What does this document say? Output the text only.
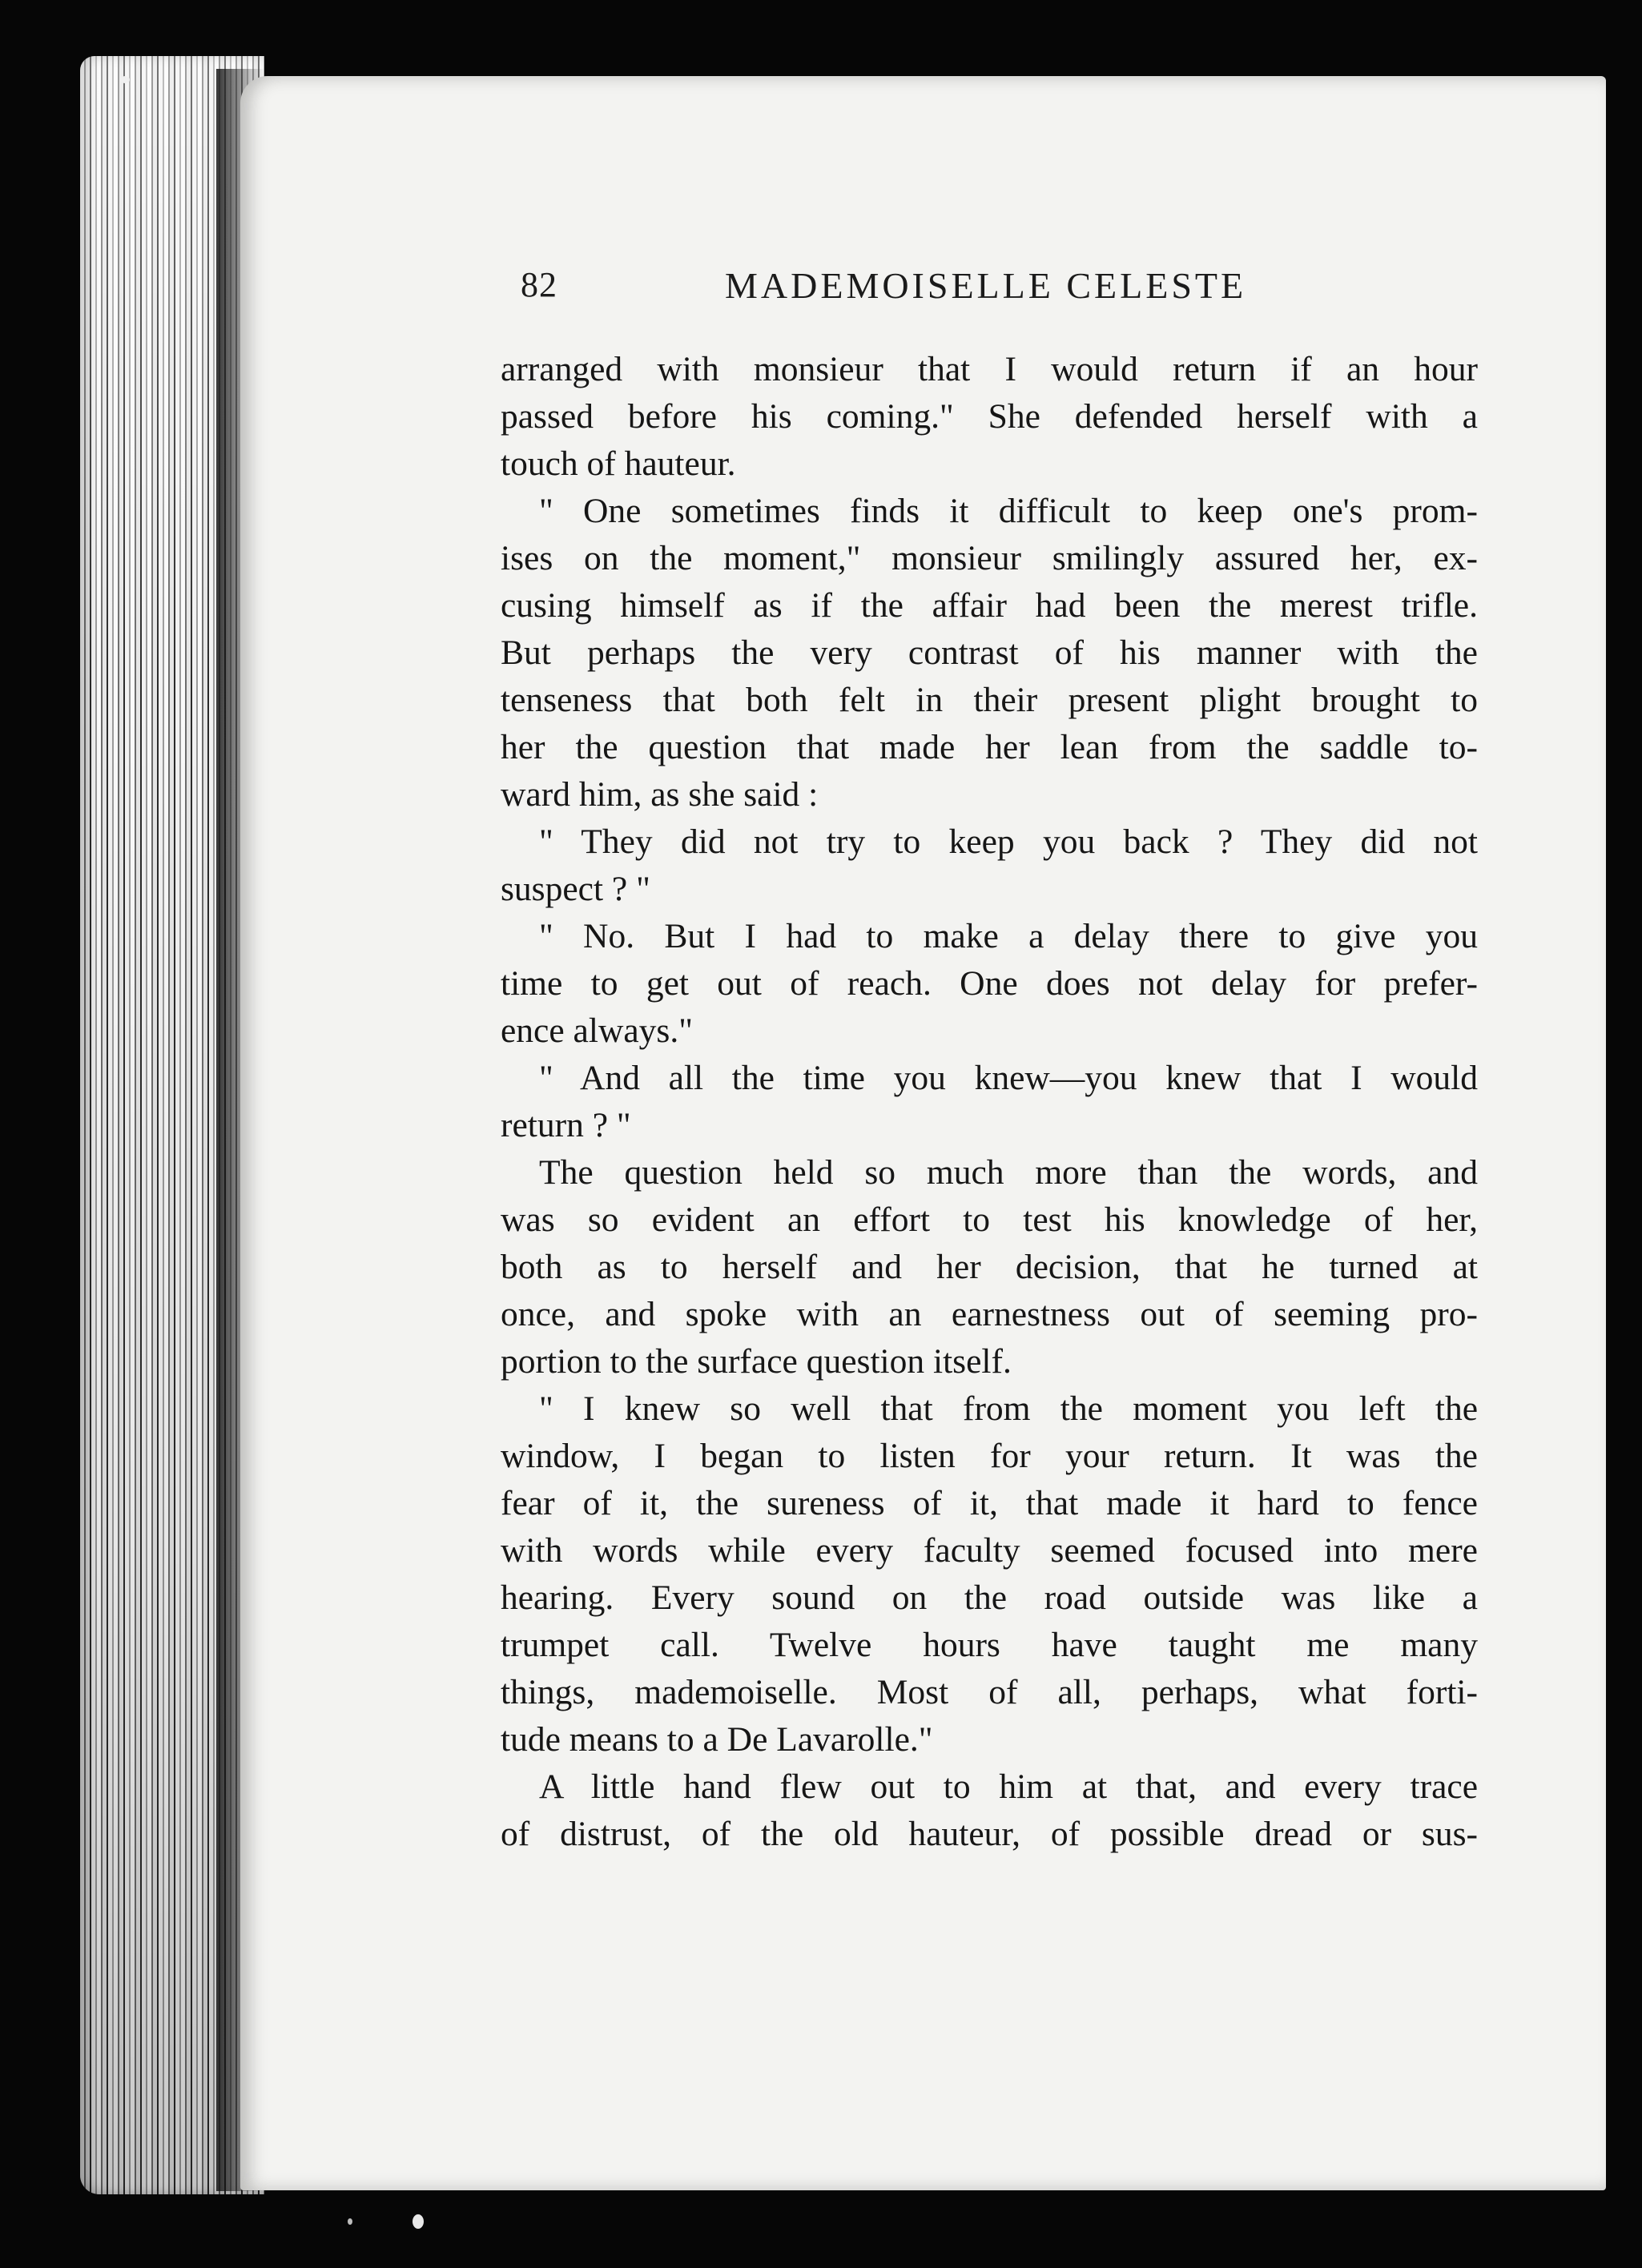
82	MADEMOISELLE CELESTE
arranged with monsieur that I would return if an hour
passed before his coming." She defended herself with a
touch of hauteur.
" One sometimes finds it difficult to keep one's prom-
ises on the moment," monsieur smilingly assured her, ex-
cusing himself as if the affair had been the merest trifle.
But perhaps the very contrast of his manner with the
tenseness that both felt in their present plight brought to
her the question that made her lean from the saddle to-
ward him, as she said :
" They did not try to keep you back ? They did not
suspect ? "
" No. But I had to make a delay there to give you
time to get out of reach. One does not delay for prefer-
ence always."
" And all the time you knew—you knew that I would
return ? "
The question held so much more than the words, and
was so evident an effort to test his knowledge of her,
both as to herself and her decision, that he turned at
once, and spoke with an earnestness out of seeming pro-
portion to the surface question itself.
" I knew so well that from the moment you left the
window, I began to listen for your return. It was the
fear of it, the sureness of it, that made it hard to fence
with words while every faculty seemed focused into mere
hearing. Every sound on the road outside was like a
trumpet call. Twelve hours have taught me many
things, mademoiselle. Most of all, perhaps, what forti-
tude means to a De Lavarolle."
A little hand flew out to him at that, and every trace
of distrust, of the old hauteur, of possible dread or sus-
